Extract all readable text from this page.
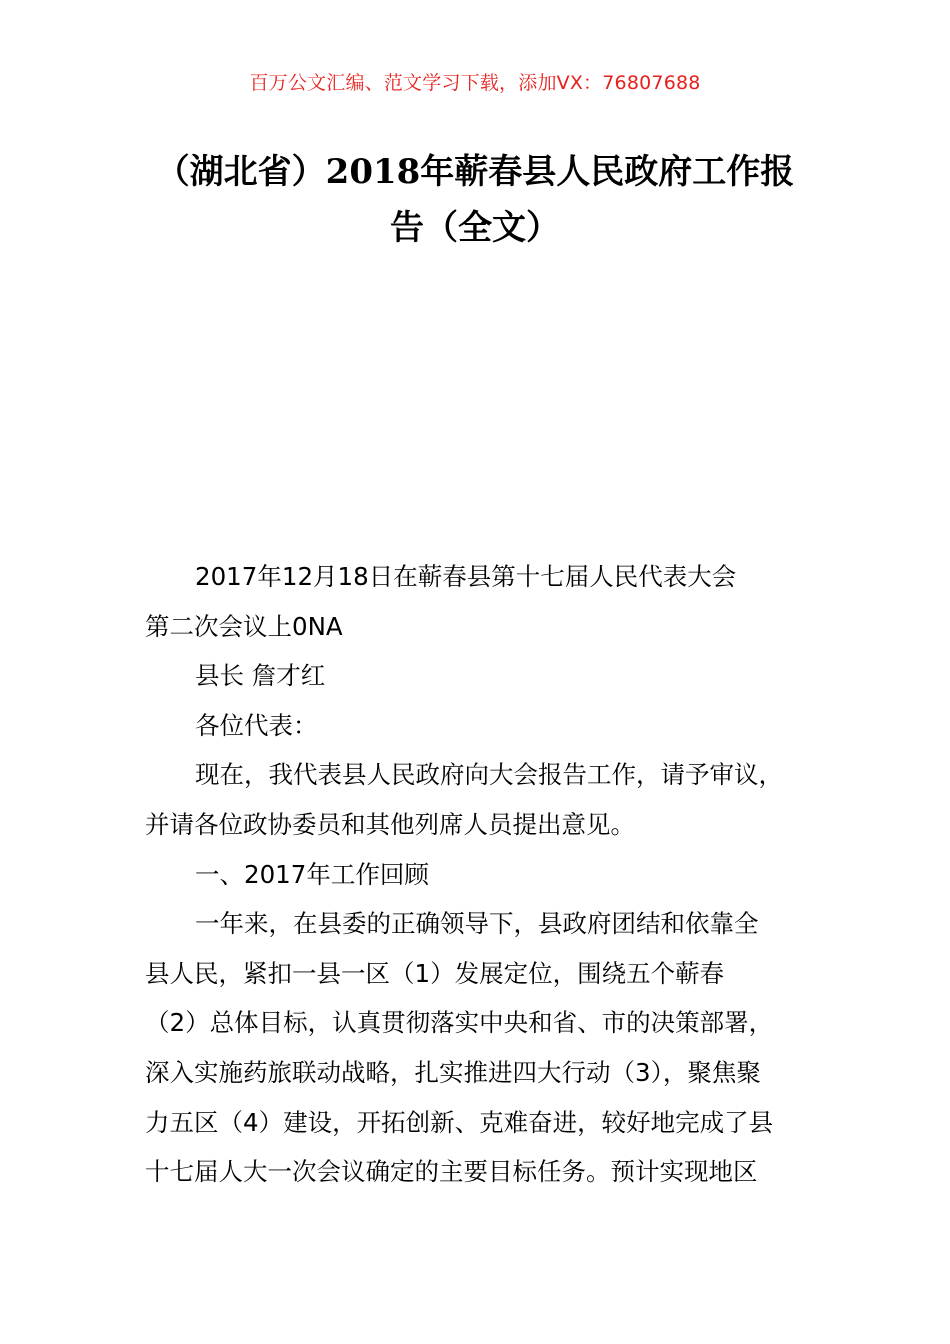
百万公文汇编、范文学习下载，添加VX：76807688
（湖北省）2018年蕲春县人民政府工作报
告（全文）

2017年12月18日在蕲春县第十七届人民代表大会

第二次会议上0NA

县长 詹才红

各位代表：

现在，我代表县人民政府向大会报告工作，请予审议，

并请各位政协委员和其他列席人员提出意见。

一、2017年工作回顾

一年来，在县委的正确领导下，县政府团结和依靠全

县人民，紧扣一县一区（1）发展定位，围绕五个蕲春

（2）总体目标，认真贯彻落实中央和省、市的决策部署，

深入实施药旅联动战略，扎实推进四大行动（3），聚焦聚

力五区（4）建设，开拓创新、克难奋进，较好地完成了县

十七届人大一次会议确定的主要目标任务。预计实现地区
